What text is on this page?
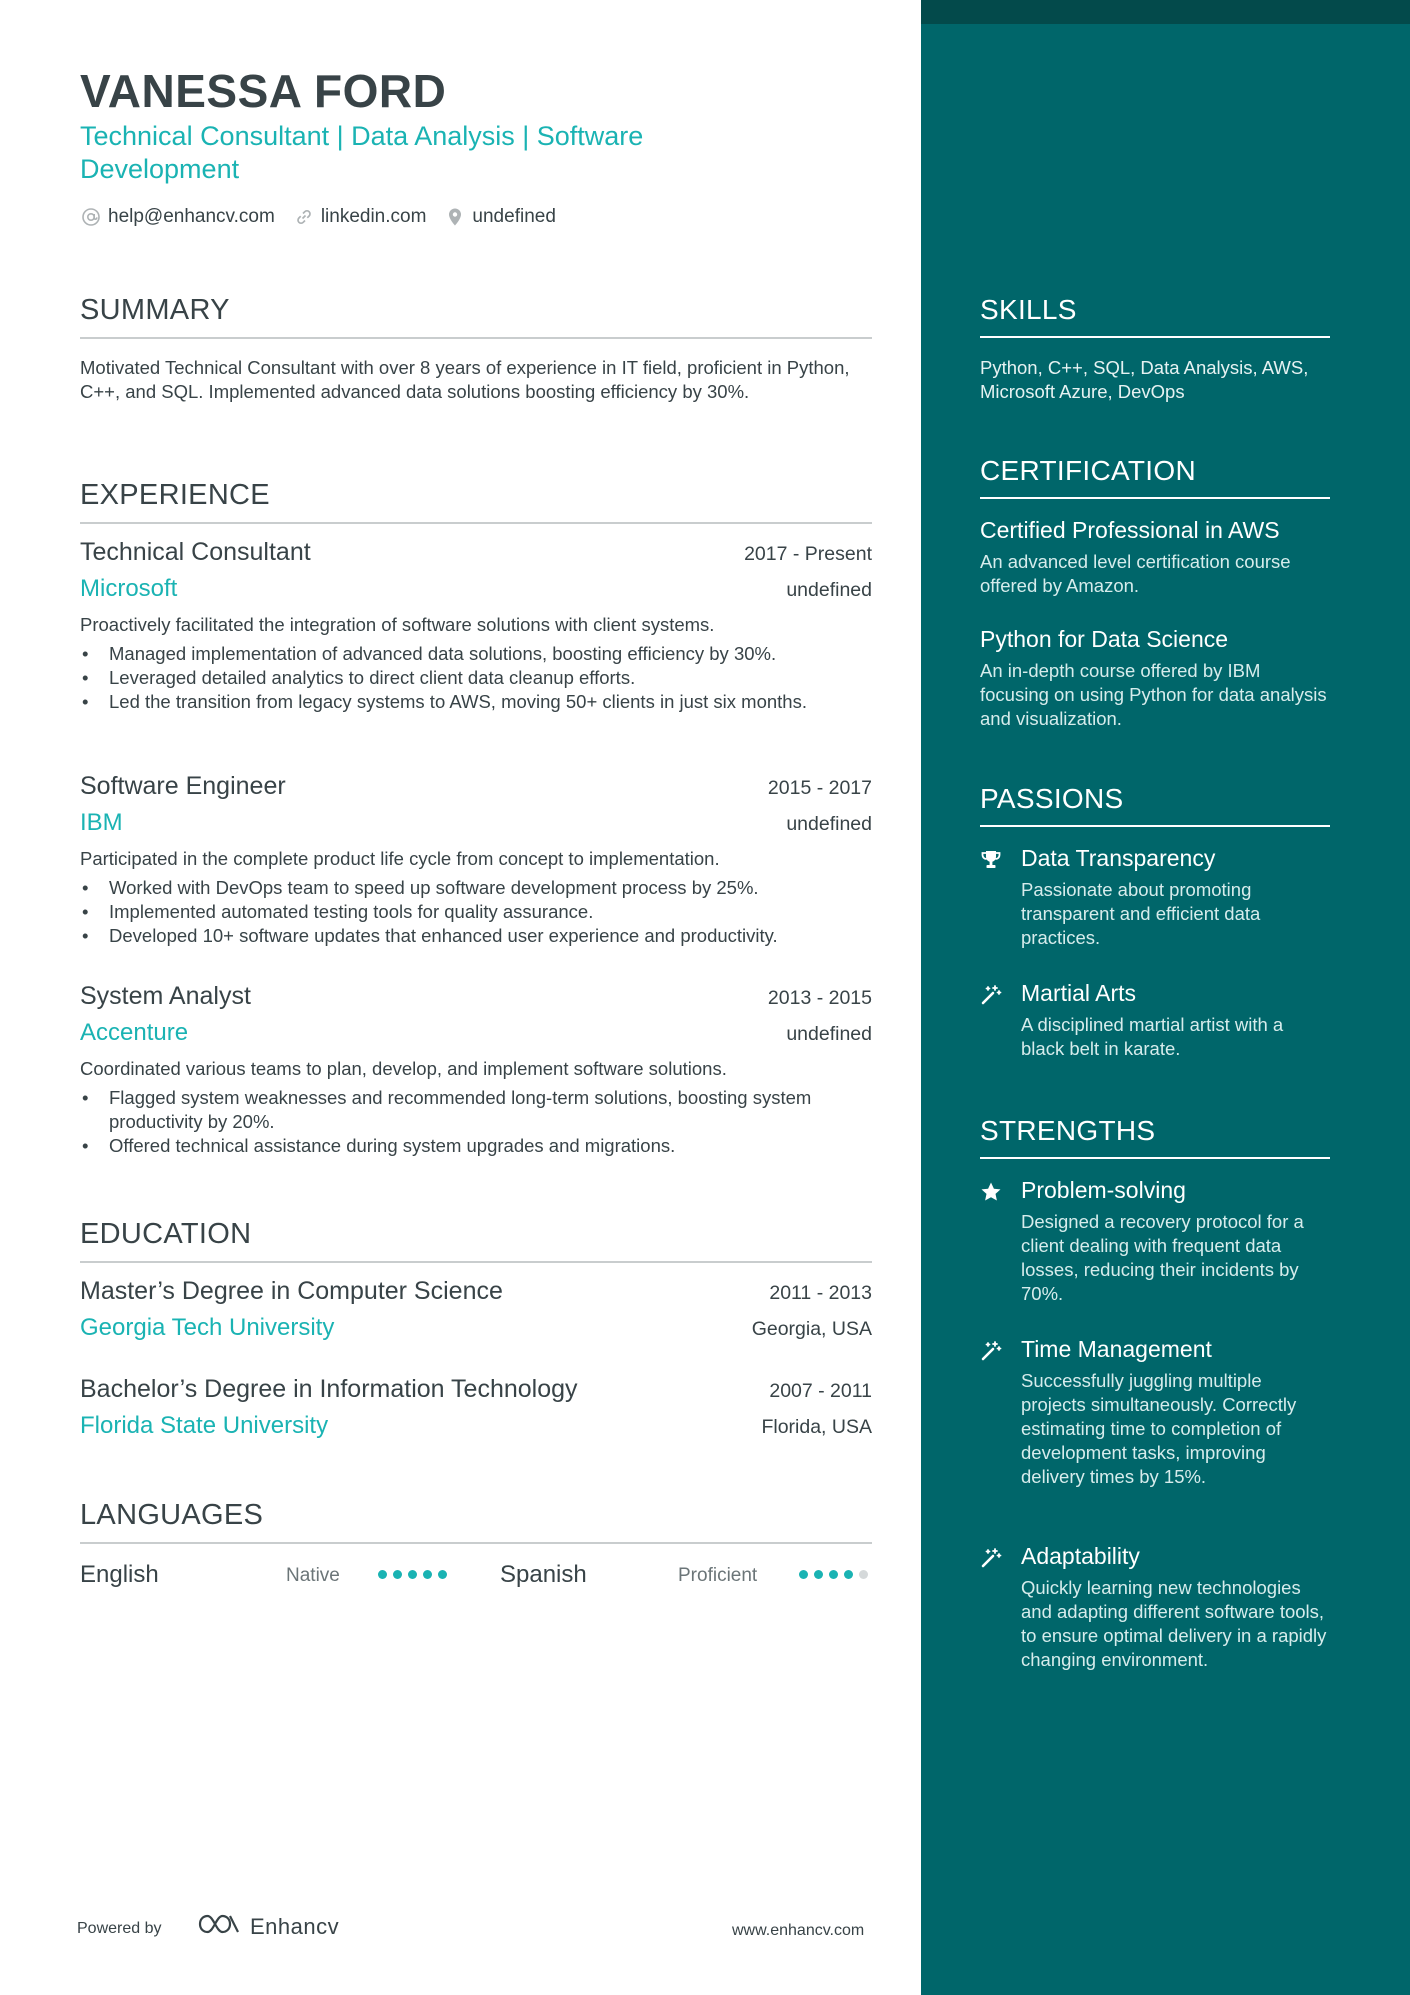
VANESSA FORD
Technical Consultant | Data Analysis | Software Development
help@enhancv.com linkedin.com undefined
SUMMARY
Motivated Technical Consultant with over 8 years of experience in IT field, proficient in Python, C++, and SQL. Implemented advanced data solutions boosting efficiency by 30%.
EXPERIENCE
Technical Consultant	2017 - Present
Microsoft	undefined
Proactively facilitated the integration of software solutions with client systems.
• Managed implementation of advanced data solutions, boosting efficiency by 30%.
• Leveraged detailed analytics to direct client data cleanup efforts.
• Led the transition from legacy systems to AWS, moving 50+ clients in just six months.
Software Engineer	2015 - 2017
IBM	undefined
Participated in the complete product life cycle from concept to implementation.
• Worked with DevOps team to speed up software development process by 25%.
• Implemented automated testing tools for quality assurance.
• Developed 10+ software updates that enhanced user experience and productivity.
System Analyst	2013 - 2015
Accenture	undefined
Coordinated various teams to plan, develop, and implement software solutions.
• Flagged system weaknesses and recommended long-term solutions, boosting system productivity by 20%.
• Offered technical assistance during system upgrades and migrations.
EDUCATION
Master’s Degree in Computer Science	2011 - 2013
Georgia Tech University	Georgia, USA
Bachelor’s Degree in Information Technology	2007 - 2011
Florida State University	Florida, USA
LANGUAGES
English	Native	Spanish	Proficient
Powered by	Enhancv	www.enhancv.com
SKILLS
Python, C++, SQL, Data Analysis, AWS, Microsoft Azure, DevOps
CERTIFICATION
Certified Professional in AWS
An advanced level certification course offered by Amazon.
Python for Data Science
An in-depth course offered by IBM focusing on using Python for data analysis and visualization.
PASSIONS
Data Transparency
Passionate about promoting transparent and efficient data practices.
Martial Arts
A disciplined martial artist with a black belt in karate.
STRENGTHS
Problem-solving
Designed a recovery protocol for a client dealing with frequent data losses, reducing their incidents by 70%.
Time Management
Successfully juggling multiple projects simultaneously. Correctly estimating time to completion of development tasks, improving delivery times by 15%.
Adaptability
Quickly learning new technologies and adapting different software tools, to ensure optimal delivery in a rapidly changing environment.
